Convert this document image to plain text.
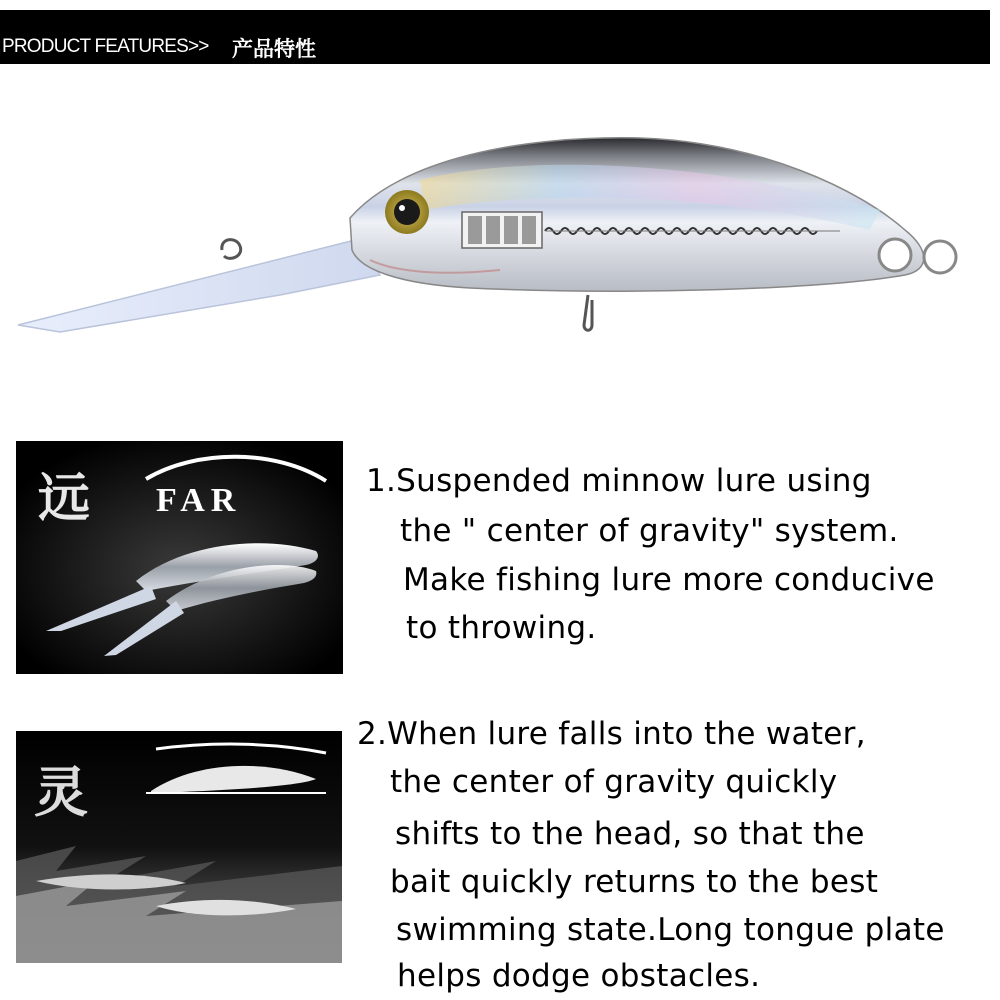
PRODUCT FEATURES>> 产品特性
远 FAR
灵
1.Suspended minnow lure using
the " center of gravity" system.
Make fishing lure more conducive
to throwing.
2.When lure falls into the water,
the center of gravity quickly
shifts to the head, so that the
bait quickly returns to the best
swimming state.Long tongue plate
helps dodge obstacles.
